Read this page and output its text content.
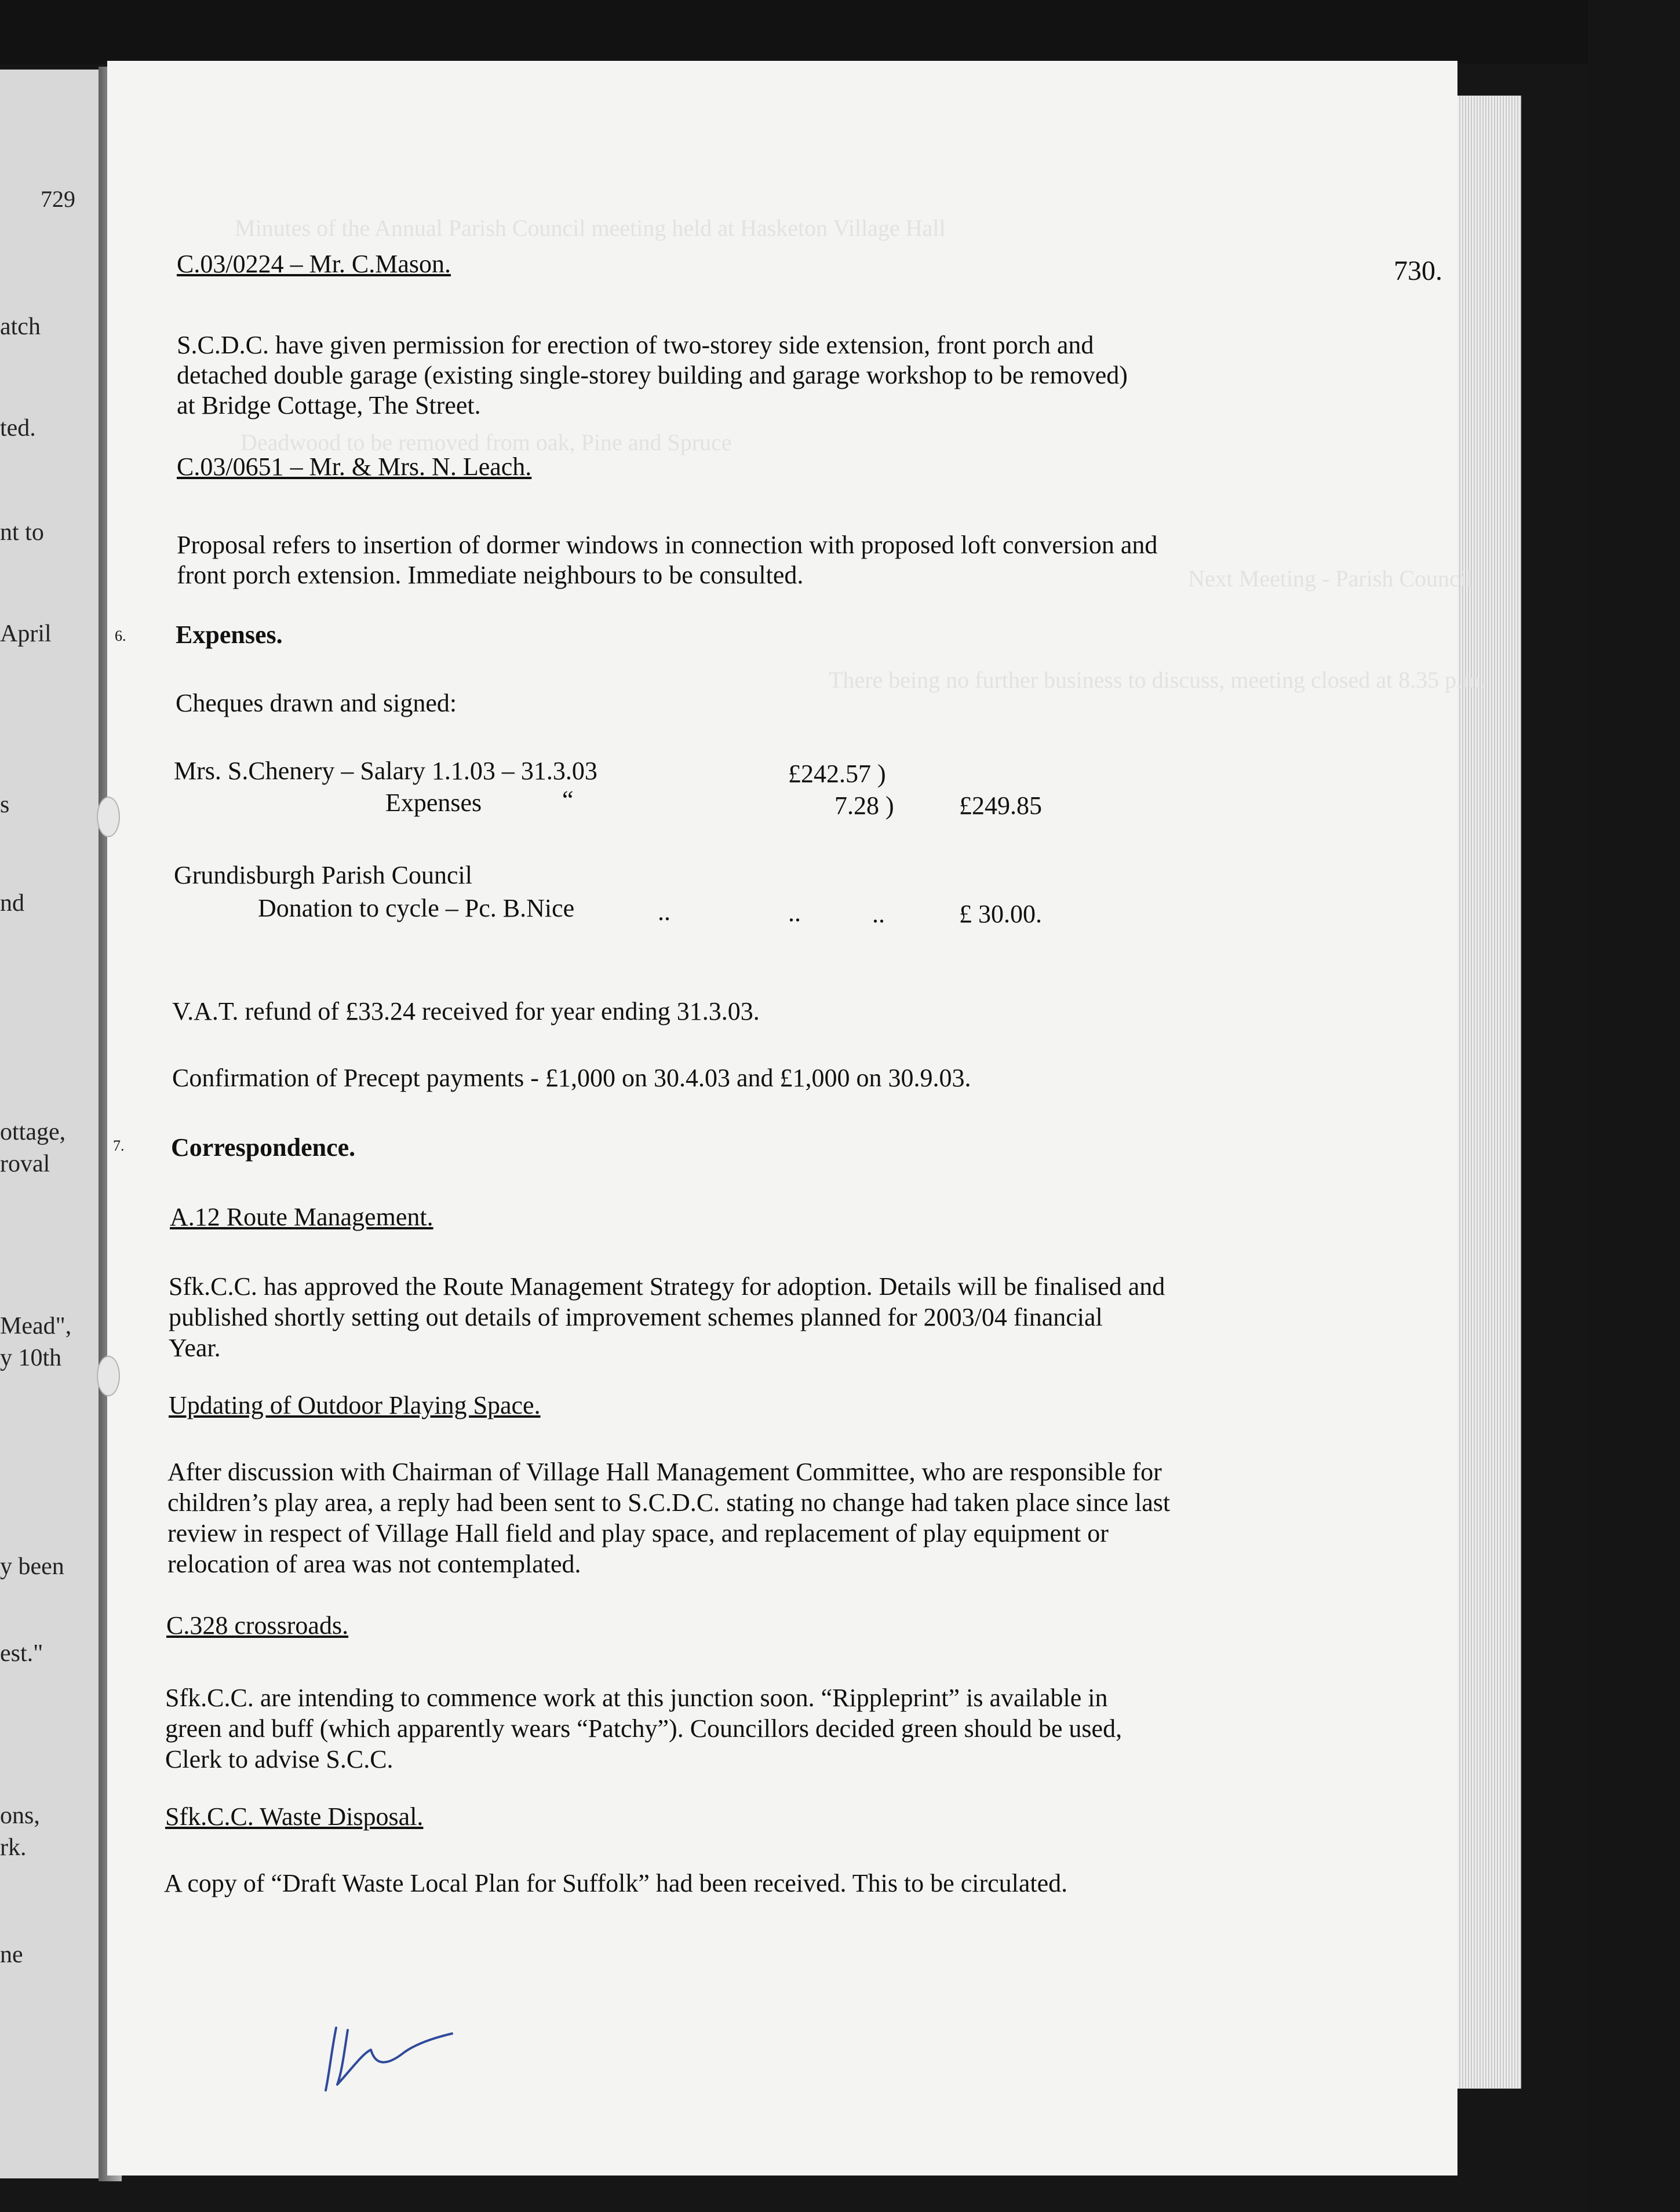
729
atch
ted.
nt to
April
s
nd
ottage,
roval
Mead",
y 10th
y been
est."
ons,
rk.
ne
Minutes of the Annual Parish Council meeting held at Hasketon Village Hall
Deadwood to be removed from oak, Pine and Spruce
Next Meeting - Parish Council
There being no further business to discuss, meeting closed at 8.35 p.m.
730.
C.03/0224 – Mr. C.Mason.
S.C.D.C. have given permission for erection of two-storey side extension, front porch and
detached double garage (existing single-storey building and garage workshop to be removed)
at Bridge Cottage, The Street.
C.03/0651 – Mr. & Mrs. N. Leach.
Proposal refers to insertion of dormer windows in connection with proposed loft conversion and
front porch extension. Immediate neighbours to be consulted.
6. Expenses.
Cheques drawn and signed:
Mrs. S.Chenery – Salary 1.1.03 – 31.3.03	£242.57 )
Expenses	“	7.28 )	£249.85
Grundisburgh Parish Council
Donation to cycle – Pc. B.Nice	..	..	..	£ 30.00.
V.A.T. refund of £33.24 received for year ending 31.3.03.
Confirmation of Precept payments - £1,000 on 30.4.03 and £1,000 on 30.9.03.
7. Correspondence.
A.12 Route Management.
Sfk.C.C. has approved the Route Management Strategy for adoption. Details will be finalised and
published shortly setting out details of improvement schemes planned for 2003/04 financial
Year.
Updating of Outdoor Playing Space.
After discussion with Chairman of Village Hall Management Committee, who are responsible for
children’s play area, a reply had been sent to S.C.D.C. stating no change had taken place since last
review in respect of Village Hall field and play space, and replacement of play equipment or
relocation of area was not contemplated.
C.328 crossroads.
Sfk.C.C. are intending to commence work at this junction soon. “Rippleprint” is available in
green and buff (which apparently wears “Patchy”). Councillors decided green should be used,
Clerk to advise S.C.C.
Sfk.C.C. Waste Disposal.
A copy of “Draft Waste Local Plan for Suffolk” had been received. This to be circulated.
